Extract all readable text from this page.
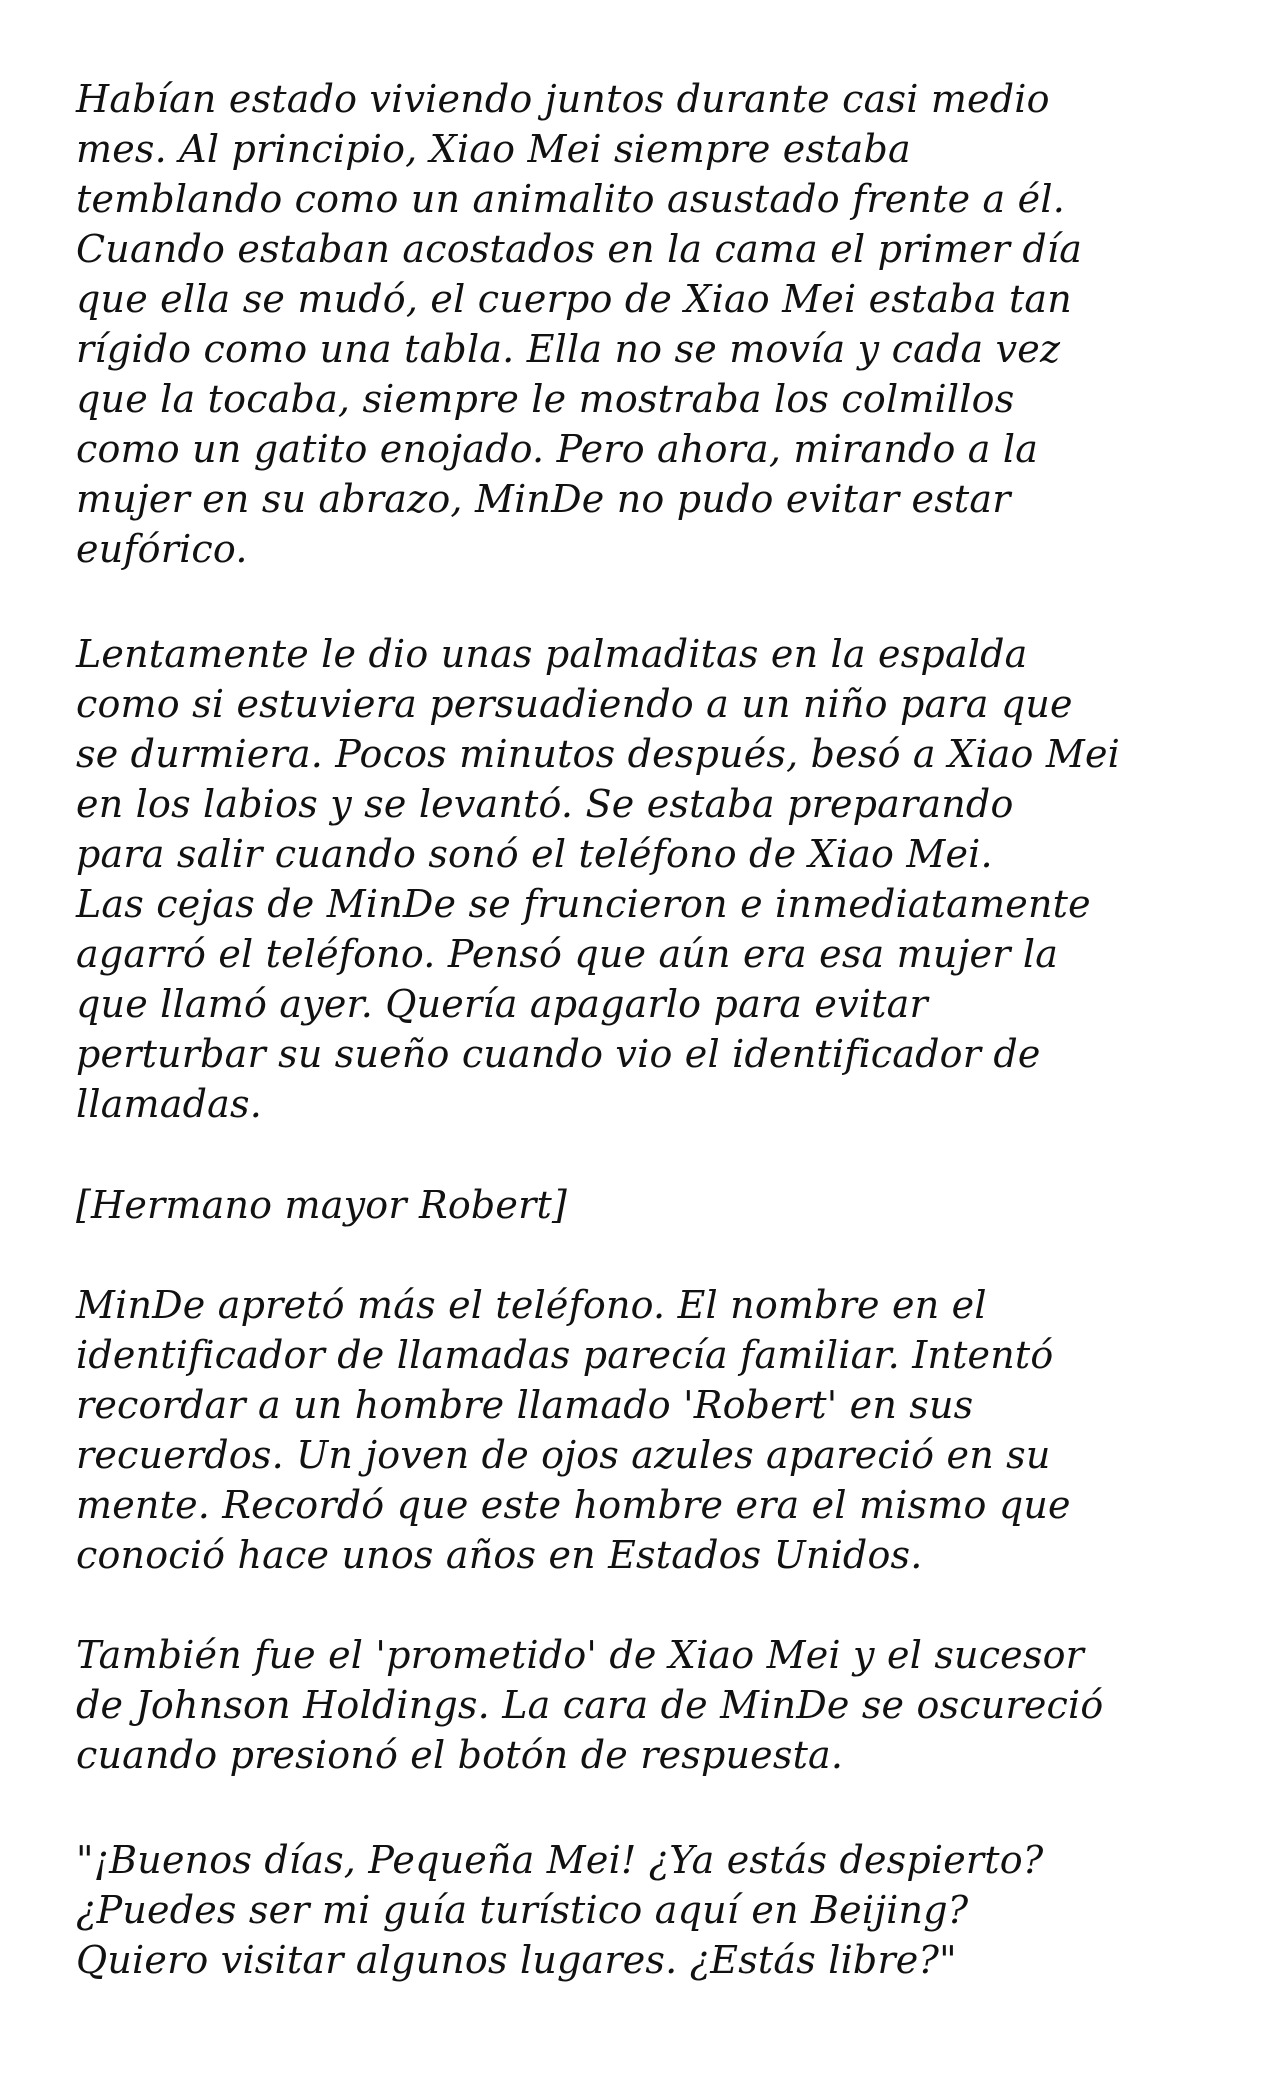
Habían estado viviendo juntos durante casi medio
mes. Al principio, Xiao Mei siempre estaba
temblando como un animalito asustado frente a él.
Cuando estaban acostados en la cama el primer día
que ella se mudó, el cuerpo de Xiao Mei estaba tan
rígido como una tabla. Ella no se movía y cada vez
que la tocaba, siempre le mostraba los colmillos
como un gatito enojado. Pero ahora, mirando a la
mujer en su abrazo, MinDe no pudo evitar estar
eufórico.
Lentamente le dio unas palmaditas en la espalda
como si estuviera persuadiendo a un niño para que
se durmiera. Pocos minutos después, besó a Xiao Mei
en los labios y se levantó. Se estaba preparando
para salir cuando sonó el teléfono de Xiao Mei.
Las cejas de MinDe se fruncieron e inmediatamente
agarró el teléfono. Pensó que aún era esa mujer la
que llamó ayer. Quería apagarlo para evitar
perturbar su sueño cuando vio el identificador de
llamadas.
[Hermano mayor Robert]
MinDe apretó más el teléfono. El nombre en el
identificador de llamadas parecía familiar. Intentó
recordar a un hombre llamado 'Robert' en sus
recuerdos. Un joven de ojos azules apareció en su
mente. Recordó que este hombre era el mismo que
conoció hace unos años en Estados Unidos.
También fue el 'prometido' de Xiao Mei y el sucesor
de Johnson Holdings. La cara de MinDe se oscureció
cuando presionó el botón de respuesta.
"¡Buenos días, Pequeña Mei! ¿Ya estás despierto?
¿Puedes ser mi guía turístico aquí en Beijing?
Quiero visitar algunos lugares. ¿Estás libre?"
